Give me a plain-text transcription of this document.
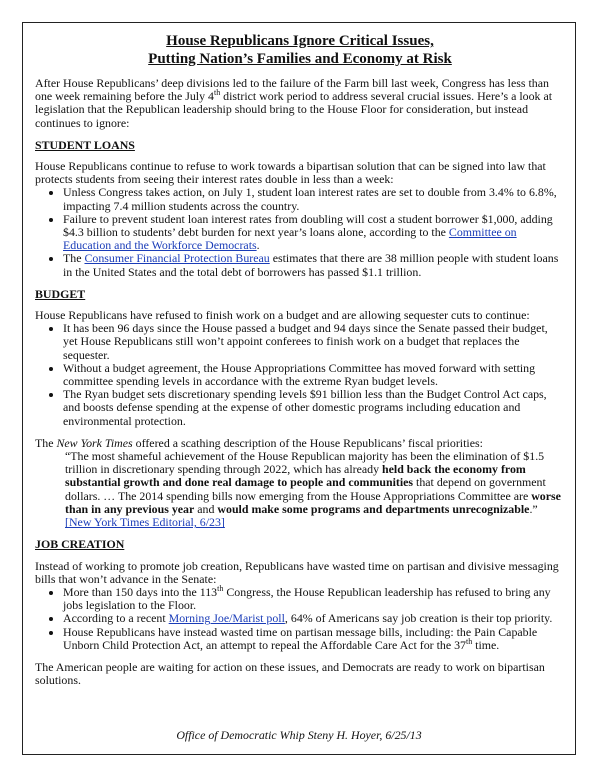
House Republicans Ignore Critical Issues,
Putting Nation’s Families and Economy at Risk

After House Republicans’ deep divisions led to the failure of the Farm bill last week, Congress has less than one week remaining before the July 4th district work period to address several crucial issues. Here’s a look at legislation that the Republican leadership should bring to the House Floor for consideration, but instead continues to ignore:

STUDENT LOANS

House Republicans continue to refuse to work towards a bipartisan solution that can be signed into law that protects students from seeing their interest rates double in less than a week:

• Unless Congress takes action, on July 1, student loan interest rates are set to double from 3.4% to 6.8%, impacting 7.4 million students across the country.
• Failure to prevent student loan interest rates from doubling will cost a student borrower $1,000, adding $4.3 billion to students’ debt burden for next year’s loans alone, according to the Committee on Education and the Workforce Democrats.
• The Consumer Financial Protection Bureau estimates that there are 38 million people with student loans in the United States and the total debt of borrowers has passed $1.1 trillion.
BUDGET

House Republicans have refused to finish work on a budget and are allowing sequester cuts to continue:

• It has been 96 days since the House passed a budget and 94 days since the Senate passed their budget, yet House Republicans still won’t appoint conferees to finish work on a budget that replaces the sequester.
• Without a budget agreement, the House Appropriations Committee has moved forward with setting committee spending levels in accordance with the extreme Ryan budget levels.
• The Ryan budget sets discretionary spending levels $91 billion less than the Budget Control Act caps, and boosts defense spending at the expense of other domestic programs including education and environmental protection.

The New York Times offered a scathing description of the House Republicans’ fiscal priorities:

“The most shameful achievement of the House Republican majority has been the elimination of $1.5 trillion in discretionary spending through 2022, which has already held back the economy from substantial growth and done real damage to people and communities that depend on government dollars. … The 2014 spending bills now emerging from the House Appropriations Committee are worse than in any previous year and would make some programs and departments unrecognizable.”
[New York Times Editorial, 6/23]
JOB CREATION

Instead of working to promote job creation, Republicans have wasted time on partisan and divisive messaging bills that won’t advance in the Senate:

• More than 150 days into the 113th Congress, the House Republican leadership has refused to bring any jobs legislation to the Floor.
• According to a recent Morning Joe/Marist poll, 64% of Americans say job creation is their top priority.
• House Republicans have instead wasted time on partisan message bills, including: the Pain Capable Unborn Child Protection Act, an attempt to repeal the Affordable Care Act for the 37th time.

The American people are waiting for action on these issues, and Democrats are ready to work on bipartisan solutions.

Office of Democratic Whip Steny H. Hoyer, 6/25/13
